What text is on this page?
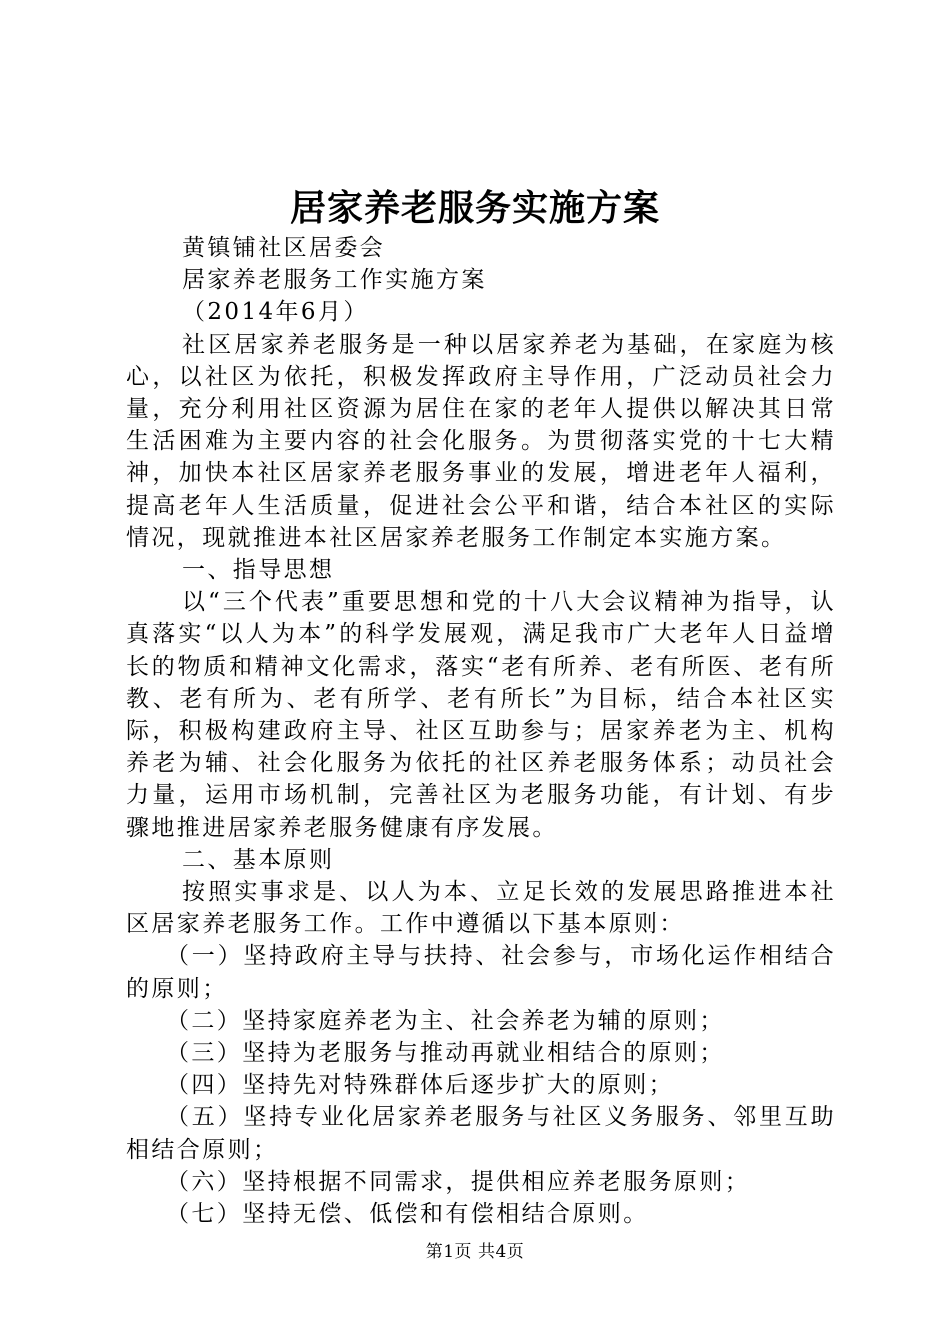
居家养老服务实施方案

黄镇铺社区居委会

居家养老服务工作实施方案

（2014年6月）

社区居家养老服务是一种以居家养老为基础，在家庭为核心，以社区为依托，积极发挥政府主导作用，广泛动员社会力量，充分利用社区资源为居住在家的老年人提供以解决其日常生活困难为主要内容的社会化服务。为贯彻落实党的十七大精神，加快本社区居家养老服务事业的发展，增进老年人福利，提高老年人生活质量，促进社会公平和谐，结合本社区的实际情况，现就推进本社区居家养老服务工作制定本实施方案。

一、指导思想

以“三个代表”重要思想和党的十八大会议精神为指导，认真落实“以人为本”的科学发展观，满足我市广大老年人日益增长的物质和精神文化需求，落实“老有所养、老有所医、老有所教、老有所为、老有所学、老有所长”为目标，结合本社区实际，积极构建政府主导、社区互助参与；居家养老为主、机构养老为辅、社会化服务为依托的社区养老服务体系；动员社会力量，运用市场机制，完善社区为老服务功能，有计划、有步骤地推进居家养老服务健康有序发展。

二、基本原则

按照实事求是、以人为本、立足长效的发展思路推进本社区居家养老服务工作。工作中遵循以下基本原则：

（一）坚持政府主导与扶持、社会参与，市场化运作相结合的原则；

（二）坚持家庭养老为主、社会养老为辅的原则；

（三）坚持为老服务与推动再就业相结合的原则；

（四）坚持先对特殊群体后逐步扩大的原则；

（五）坚持专业化居家养老服务与社区义务服务、邻里互助相结合原则；

（六）坚持根据不同需求，提供相应养老服务原则；

（七）坚持无偿、低偿和有偿相结合原则。

第1页 共4页
